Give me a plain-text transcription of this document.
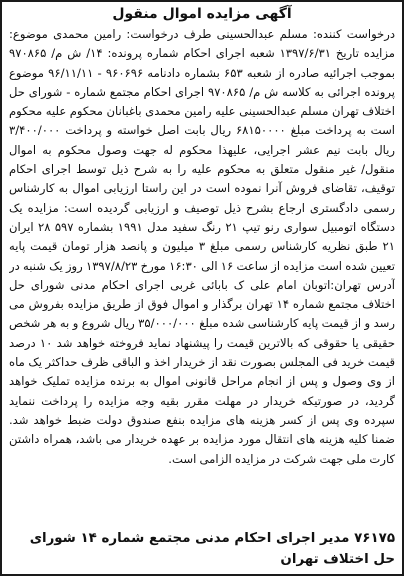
آگهی مزایده اموال منقول

درخواست کننده: مسلم عبدالحسینی طرف درخواست: رامین محمدی موضوع: مزایده تاریخ ۱۳۹۷/۶/۳۱ شعبه اجرای احکام شماره پرونده: ۱۴/ ش م/ ۹۷۰۸۶۵ بموجب اجرائیه صادره از شعبه ۶۵۳ بشماره دادنامه ۹۶۰۶۹۶ - ۹۶/۱۱/۱۱ موضوع پرونده اجرائی به کلاسه ش م/ ۹۷۰۸۶۵ اجرای احکام مجتمع شماره - شورای حل اختلاف تهران مسلم عبدالحسینی علیه رامین محمدی باغبانان محکوم علیه محکوم است به پرداخت مبلغ ۶۸۱۵۰۰۰۰ ریال بابت اصل خواسته و پرداخت ۳/۴۰۰/۰۰۰ ریال بابت نیم عشر اجرایی، علیهذا محکوم له جهت وصول محکوم به اموال منقول/ غیر منقول متعلق به محکوم علیه را به شرح ذیل توسط اجرای احکام توقیف، تقاضای فروش آنرا نموده است در این راستا ارزیابی اموال به کارشناس رسمی دادگستری ارجاع بشرح ذیل توصیف و ارزیابی گردیده است: مزایده یک دستگاه اتومبیل سواری رنو تیپ ۲۱ رنگ سفید مدل ۱۹۹۱ بشماره ۵۹۷ ۲۸ ایران ۲۱ طبق نظریه کارشناس رسمی مبلغ ۳ میلیون و پانصد هزار تومان قیمت پایه تعیین شده است مزایده از ساعت ۱۶ الی ۱۶:۳۰ مورخ ۱۳۹۷/۸/۲۳ روز یک شنبه در آدرس تهران:اتوبان امام علی ک بابائی غربی اجرای احکام مدنی شورای حل اختلاف مجتمع شماره ۱۴ تهران برگذار و اموال فوق از طریق مزایده بفروش می رسد و از قیمت پایه کارشناسی شده مبلغ ۳۵/۰۰۰/۰۰۰ ریال شروع و به هر شخص حقیقی یا حقوقی که بالاترین قیمت را پیشنهاد نماید فروخته خواهد شد ۱۰ درصد قیمت خرید فی المجلس بصورت نقد از خریدار اخذ و الباقی ظرف حداکثر یک ماه از وی وصول و پس از انجام مراحل قانونی اموال به برنده مزایده تملیک خواهد گردید، در صورتیکه خریدار در مهلت مقرر بقیه وجه مزایده را پرداخت ننماید سپرده وی پس از کسر هزینه های مزایده بنفع صندوق دولت ضبط خواهد شد. ضمنا کلیه هزینه های انتقال مورد مزایده بر عهده خریدار می باشد، همراه داشتن کارت ملی جهت شرکت در مزایده الزامی است.

۷۶۱۷۵ مدیر اجرای احکام مدنی مجتمع شماره ۱۴ شورای حل اختلاف تهران
